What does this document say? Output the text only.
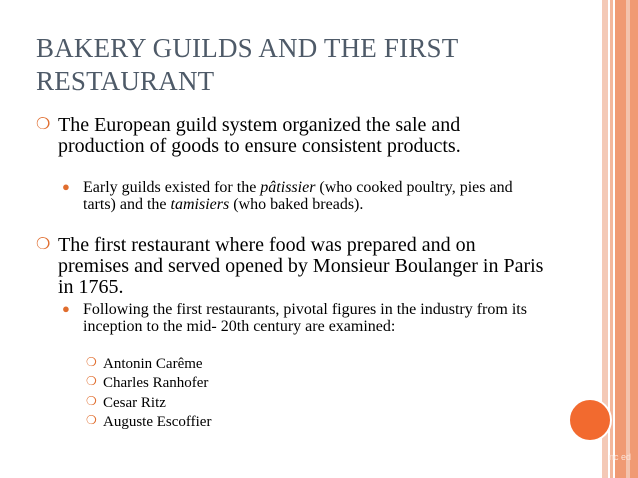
nc ed
BAKERY GUILDS AND THE FIRST RESTAURANT
❍ The European guild system organized the sale and production of goods to ensure consistent products.
● Early guilds existed for the pâtissier (who cooked poultry, pies and tarts) and the tamisiers (who baked breads).
❍ The first restaurant where food was prepared and on premises and served opened by Monsieur Boulanger in Paris in 1765.
● Following the first restaurants, pivotal figures in the industry from its inception to the mid- 20th century are examined:
❍ Antonin Carême
❍ Charles Ranhofer
❍ Cesar Ritz
❍ Auguste Escoffier
